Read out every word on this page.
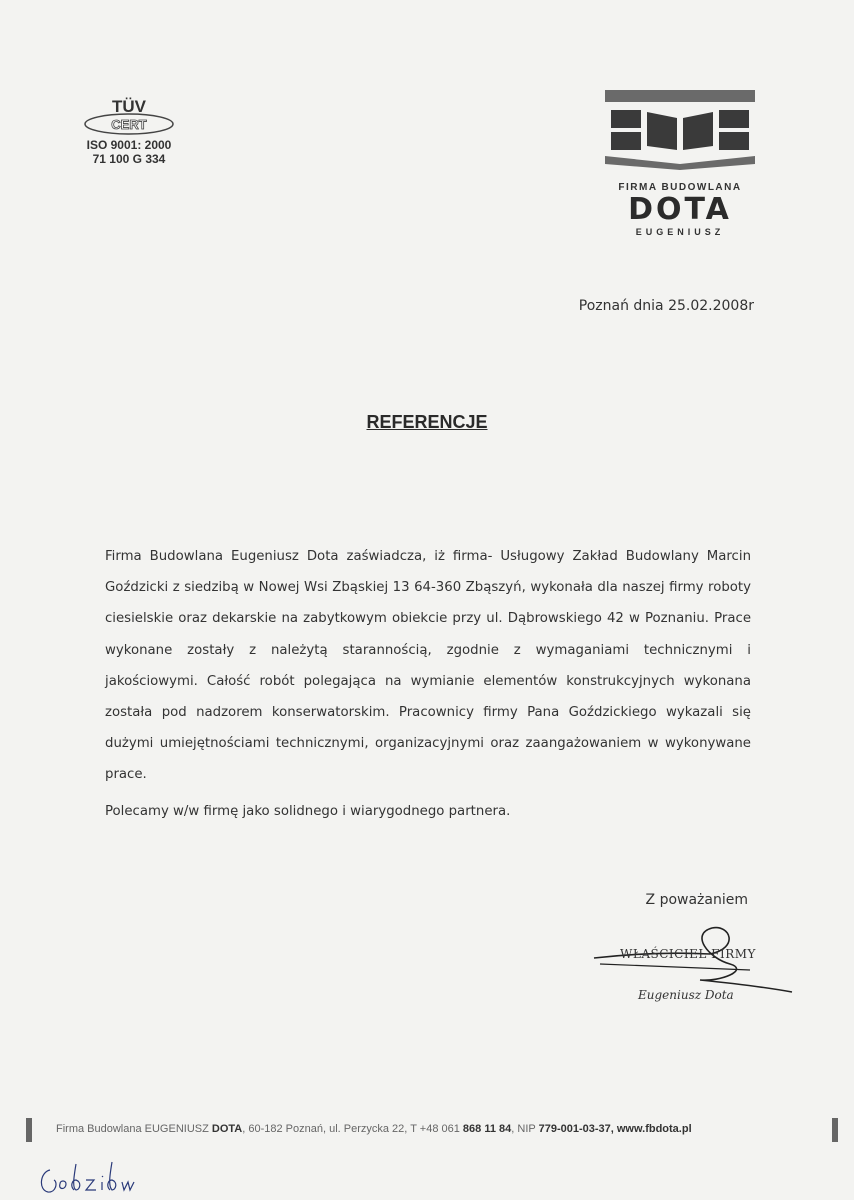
TÜV
CERT
ISO 9001: 2000
71 100 G 334
FIRMA BUDOWLANA
DOTA
EUGENIUSZ
Poznań dnia 25.02.2008r
REFERENCJE

Firma Budowlana Eugeniusz Dota zaświadcza, iż firma- Usługowy Zakład Budowlany Marcin Goździcki z siedzibą w Nowej Wsi Zbąskiej 13 64-360 Zbąszyń, wykonała dla naszej firmy roboty ciesielskie oraz dekarskie na zabytkowym obiekcie przy ul. Dąbrowskiego 42 w Poznaniu. Prace wykonane zostały z należytą starannością, zgodnie z wymaganiami technicznymi i jakościowymi. Całość robót polegająca na wymianie elementów konstrukcyjnych wykonana została pod nadzorem konserwatorskim. Pracownicy firmy Pana Goździckiego wykazali się dużymi umiejętnościami technicznymi, organizacyjnymi oraz zaangażowaniem w wykonywane prace.

Polecamy w/w firmę jako solidnego i wiarygodnego partnera.
Z poważaniem
WŁAŚCICIEL FIRMY
Eugeniusz Dota
Firma Budowlana EUGENIUSZ DOTA, 60-182 Poznań, ul. Perzycka 22, T +48 061 868 11 84, NIP 779-001-03-37, www.fbdota.pl
